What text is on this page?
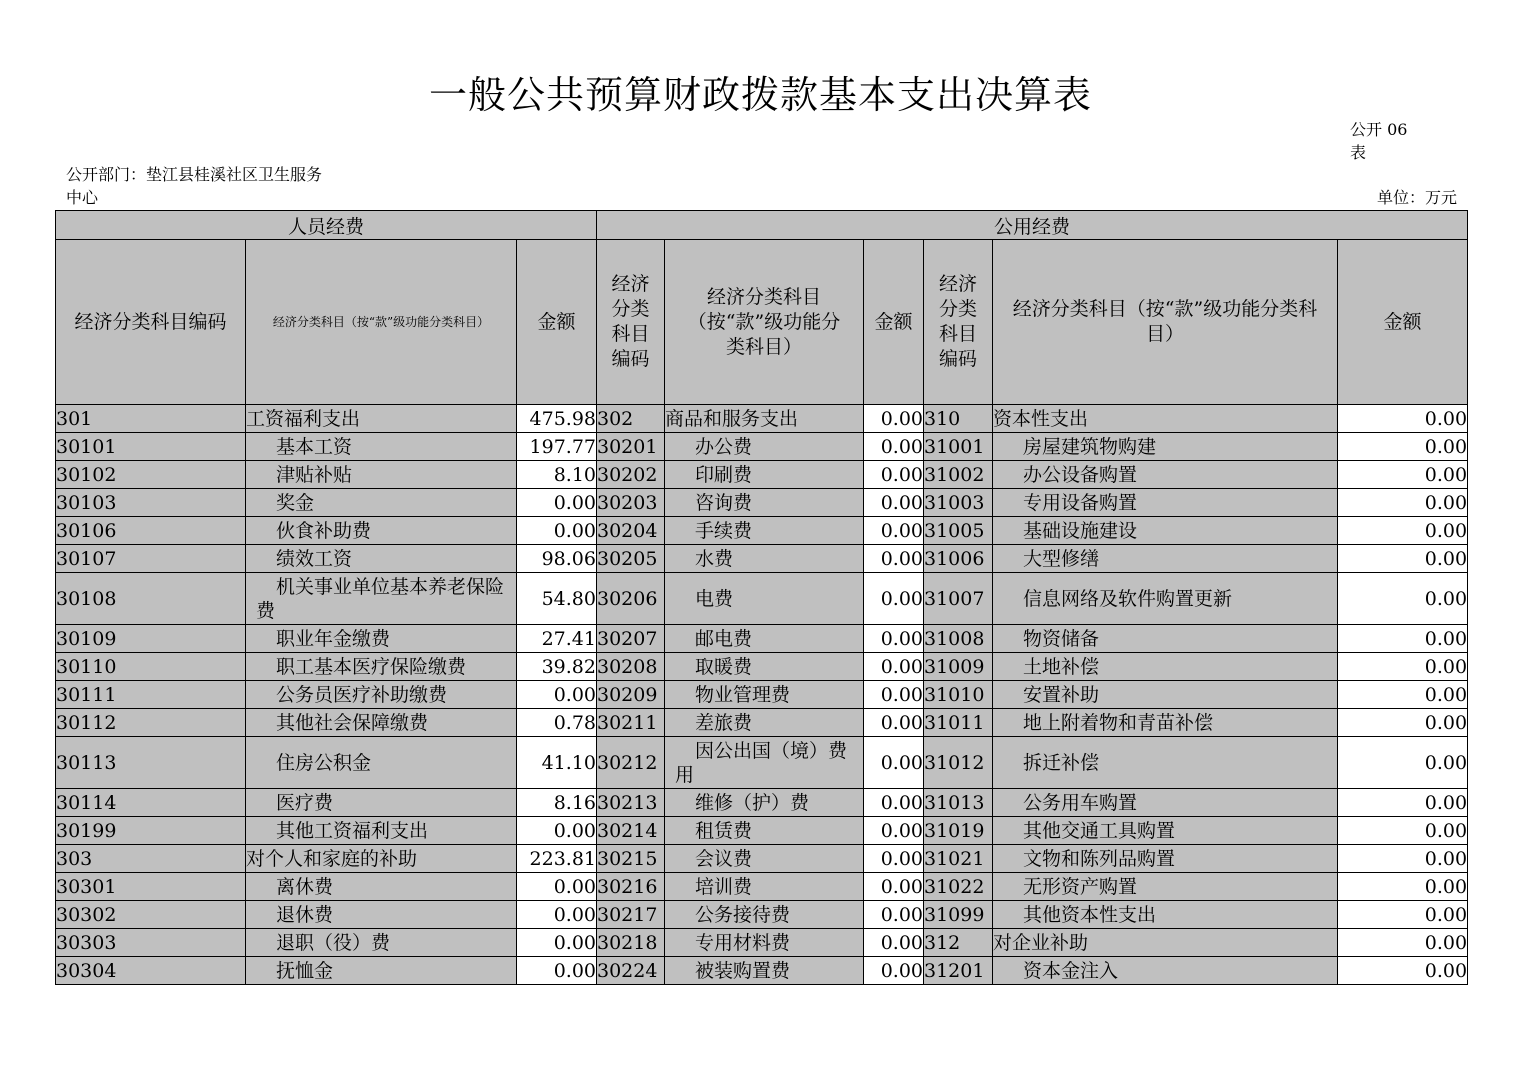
一般公共预算财政拨款基本支出决算表
公开 06
表
公开部门：垫江县桂溪社区卫生服务
中心	单位：万元
人员经费			公用经费					
经济分类科目编码	经济分类科目（按“款”级功能分类科目）	金额	经济分类科目编码	经济分类科目（按“款”级功能分类科目）	金额	经济分类科目编码	经济分类科目（按“款”级功能分类科目）	金额
301	工资福利支出	475.98	302	商品和服务支出	0.00	310	资本性支出	0.00
30101	基本工资	197.77	30201	办公费	0.00	31001	房屋建筑物购建	0.00
30102	津贴补贴	8.10	30202	印刷费	0.00	31002	办公设备购置	0.00
30103	奖金	0.00	30203	咨询费	0.00	31003	专用设备购置	0.00
30106	伙食补助费	0.00	30204	手续费	0.00	31005	基础设施建设	0.00
30107	绩效工资	98.06	30205	水费	0.00	31006	大型修缮	0.00
30108	机关事业单位基本养老保险费	54.80	30206	电费	0.00	31007	信息网络及软件购置更新	0.00
30109	职业年金缴费	27.41	30207	邮电费	0.00	31008	物资储备	0.00
30110	职工基本医疗保险缴费	39.82	30208	取暖费	0.00	31009	土地补偿	0.00
30111	公务员医疗补助缴费	0.00	30209	物业管理费	0.00	31010	安置补助	0.00
30112	其他社会保障缴费	0.78	30211	差旅费	0.00	31011	地上附着物和青苗补偿	0.00
30113	住房公积金	41.10	30212	因公出国（境）费用	0.00	31012	拆迁补偿	0.00
30114	医疗费	8.16	30213	维修（护）费	0.00	31013	公务用车购置	0.00
30199	其他工资福利支出	0.00	30214	租赁费	0.00	31019	其他交通工具购置	0.00
303	对个人和家庭的补助	223.81	30215	会议费	0.00	31021	文物和陈列品购置	0.00
30301	离休费	0.00	30216	培训费	0.00	31022	无形资产购置	0.00
30302	退休费	0.00	30217	公务接待费	0.00	31099	其他资本性支出	0.00
30303	退职（役）费	0.00	30218	专用材料费	0.00	312	对企业补助	0.00
30304	抚恤金	0.00	30224	被装购置费	0.00	31201	资本金注入	0.00
